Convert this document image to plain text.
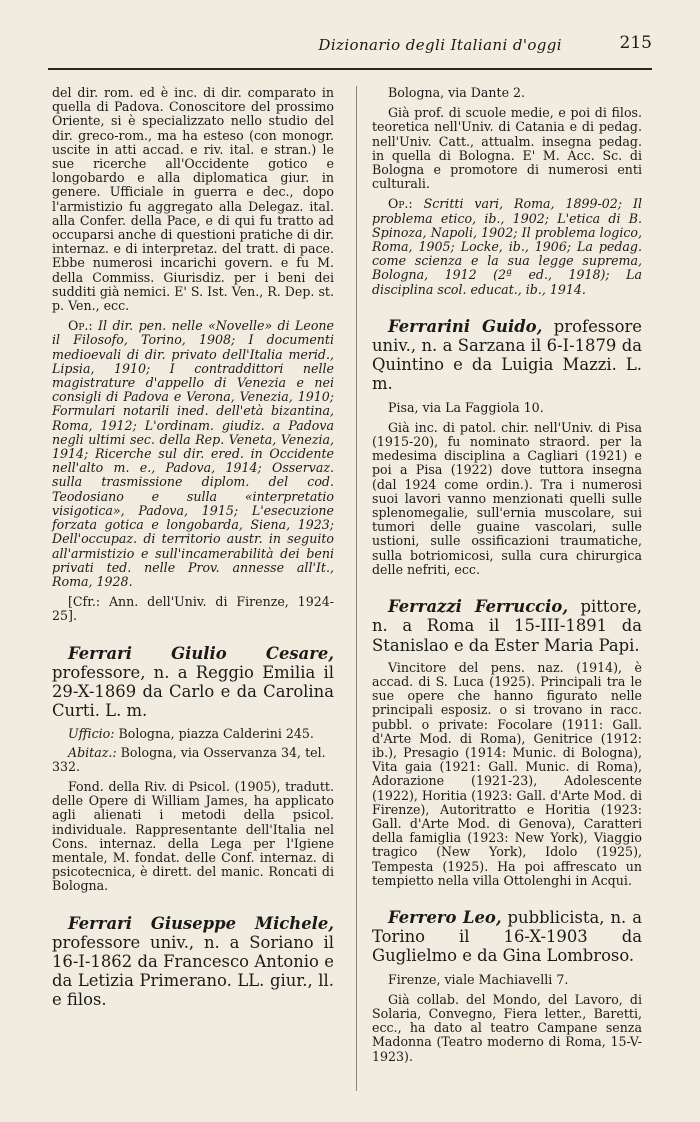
Dizionario degli Italiani d'oggi	215

del dir. rom. ed è inc. di dir. comparato in quella di Padova. Conoscitore del prossimo Oriente, si è specializzato nello studio del dir. greco-rom., ma ha esteso (con monogr. uscite in atti accad. e riv. ital. e stran.) le sue ricerche all'Occidente gotico e longobardo e alla diplomatica giur. in genere. Ufficiale in guerra e dec., dopo l'armistizio fu aggregato alla Delegaz. ital. alla Confer. della Pace, e di qui fu tratto ad occuparsi anche di questioni pratiche di dir. internaz. e di interpretaz. del tratt. di pace. Ebbe numerosi incarichi govern. e fu M. della Commiss. Giurisdiz. per i beni dei sudditi già nemici. E' S. Ist. Ven., R. Dep. st. p. Ven., ecc.

Op.: Il dir. pen. nelle «Novelle» di Leone il Filosofo, Torino, 1908; I documenti medioevali di dir. privato dell'Italia merid., Lipsia, 1910; I contraddittori nelle magistrature d'appello di Venezia e nei consigli di Padova e Verona, Venezia, 1910; Formulari notarili ined. dell'età bizantina, Roma, 1912; L'ordinam. giudiz. a Padova negli ultimi sec. della Rep. Veneta, Venezia, 1914; Ricerche sul dir. ered. in Occidente nell'alto m. e., Padova, 1914; Osservaz. sulla trasmissione diplom. del cod. Teodosiano e sulla «interpretatio visigotica», Padova, 1915; L'esecuzione forzata gotica e longobarda, Siena, 1923; Dell'occupaz. di territorio austr. in seguito all'armistizio e sull'incamerabilità dei beni privati ted. nelle Prov. annesse all'It., Roma, 1928.

[Cfr.: Ann. dell'Univ. di Firenze, 1924-25].

Ferrari Giulio Cesare, professore, n. a Reggio Emilia il 29-X-1869 da Carlo e da Carolina Curti. L. m.

Ufficio: Bologna, piazza Calderini 245.

Abitaz.: Bologna, via Osservanza 34, tel. 332.

Fond. della Riv. di Psicol. (1905), tradutt. delle Opere di William James, ha applicato agli alienati i metodi della psicol. individuale. Rappresentante dell'Italia nel Cons. internaz. della Lega per l'Igiene mentale, M. fondat. delle Conf. internaz. di psicotecnica, è dirett. del manic. Roncati di Bologna.

Ferrari Giuseppe Michele, professore univ., n. a Soriano il 16-I-1862 da Francesco Antonio e da Letizia Primerano. LL. giur., ll. e filos.

Bologna, via Dante 2.

Già prof. di scuole medie, e poi di filos. teoretica nell'Univ. di Catania e di pedag. nell'Univ. Catt., attualm. insegna pedag. in quella di Bologna. E' M. Acc. Sc. di Bologna e promotore di numerosi enti culturali.

Op.: Scritti vari, Roma, 1899-02; Il problema etico, ib., 1902; L'etica di B. Spinoza, Napoli, 1902; Il problema logico, Roma, 1905; Locke, ib., 1906; La pedag. come scienza e la sua legge suprema, Bologna, 1912 (2ª ed., 1918); La disciplina scol. educat., ib., 1914.

Ferrarini Guido, professore univ., n. a Sarzana il 6-I-1879 da Quintino e da Luigia Mazzi. L. m.

Pisa, via La Faggiola 10.

Già inc. di patol. chir. nell'Univ. di Pisa (1915-20), fu nominato straord. per la medesima disciplina a Cagliari (1921) e poi a Pisa (1922) dove tuttora insegna (dal 1924 come ordin.). Tra i numerosi suoi lavori vanno menzionati quelli sulle splenomegalie, sull'ernia muscolare, sui tumori delle guaine vascolari, sulle ustioni, sulle ossificazioni traumatiche, sulla botriomicosi, sulla cura chirurgica delle nefriti, ecc.

Ferrazzi Ferruccio, pittore, n. a Roma il 15-III-1891 da Stanislao e da Ester Maria Papi.

Vincitore del pens. naz. (1914), è accad. di S. Luca (1925). Principali tra le sue opere che hanno figurato nelle principali esposiz. o si trovano in racc. pubbl. o private: Focolare (1911: Gall. d'Arte Mod. di Roma), Genitrice (1912: ib.), Presagio (1914: Munic. di Bologna), Vita gaia (1921: Gall. Munic. di Roma), Adorazione (1921-23), Adolescente (1922), Horitia (1923: Gall. d'Arte Mod. di Firenze), Autoritratto e Horitia (1923: Gall. d'Arte Mod. di Genova), Caratteri della famiglia (1923: New York), Viaggio tragico (New York), Idolo (1925), Tempesta (1925). Ha poi affrescato un tempietto nella villa Ottolenghi in Acqui.

Ferrero Leo, pubblicista, n. a Torino il 16-X-1903 da Guglielmo e da Gina Lombroso.

Firenze, viale Machiavelli 7.

Già collab. del Mondo, del Lavoro, di Solaria, Convegno, Fiera letter., Baretti, ecc., ha dato al teatro Campane senza Madonna (Teatro moderno di Roma, 15-V-1923).
